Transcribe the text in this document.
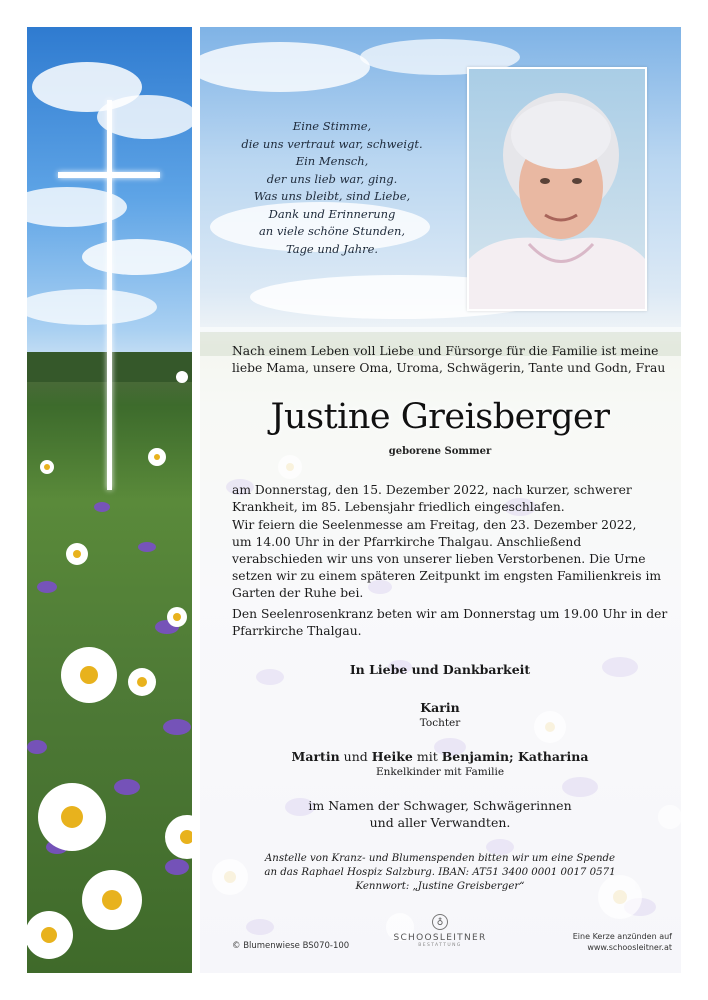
Eine Stimme,
die uns vertraut war, schweigt.
Ein Mensch,
der uns lieb war, ging.
Was uns bleibt, sind Liebe,
Dank und Erinnerung
an viele schöne Stunden,
Tage und Jahre.
Nach einem Leben voll Liebe und Fürsorge für die Familie ist meine
liebe Mama, unsere Oma, Uroma, Schwägerin, Tante und Godn, Frau
Justine Greisberger
geborene Sommer
am Donnerstag, den 15. Dezember 2022, nach kurzer, schwerer
Krankheit, im 85. Lebensjahr friedlich eingeschlafen.
Wir feiern die Seelenmesse am Freitag, den 23. Dezember 2022,
um 14.00 Uhr in der Pfarrkirche Thalgau. Anschließend
verabschieden wir uns von unserer lieben Verstorbenen. Die Urne
setzen wir zu einem späteren Zeitpunkt im engsten Familienkreis im
Garten der Ruhe bei.
Den Seelenrosenkranz beten wir am Donnerstag um 19.00 Uhr in der
Pfarrkirche Thalgau.
In Liebe und Dankbarkeit
Karin
Tochter
Martin und Heike mit Benjamin; Katharina
Enkelkinder mit Familie
im Namen der Schwager, Schwägerinnen
und aller Verwandten.
Anstelle von Kranz- und Blumenspenden bitten wir um eine Spende
an das Raphael Hospiz Salzburg. IBAN: AT51 3400 0001 0017 0571
Kennwort: „Justine Greisberger“
© Blumenwiese BS070-100
♁
SCHOOSLEITNER
BESTATTUNG
Eine Kerze anzünden auf
www.schoosleitner.at
